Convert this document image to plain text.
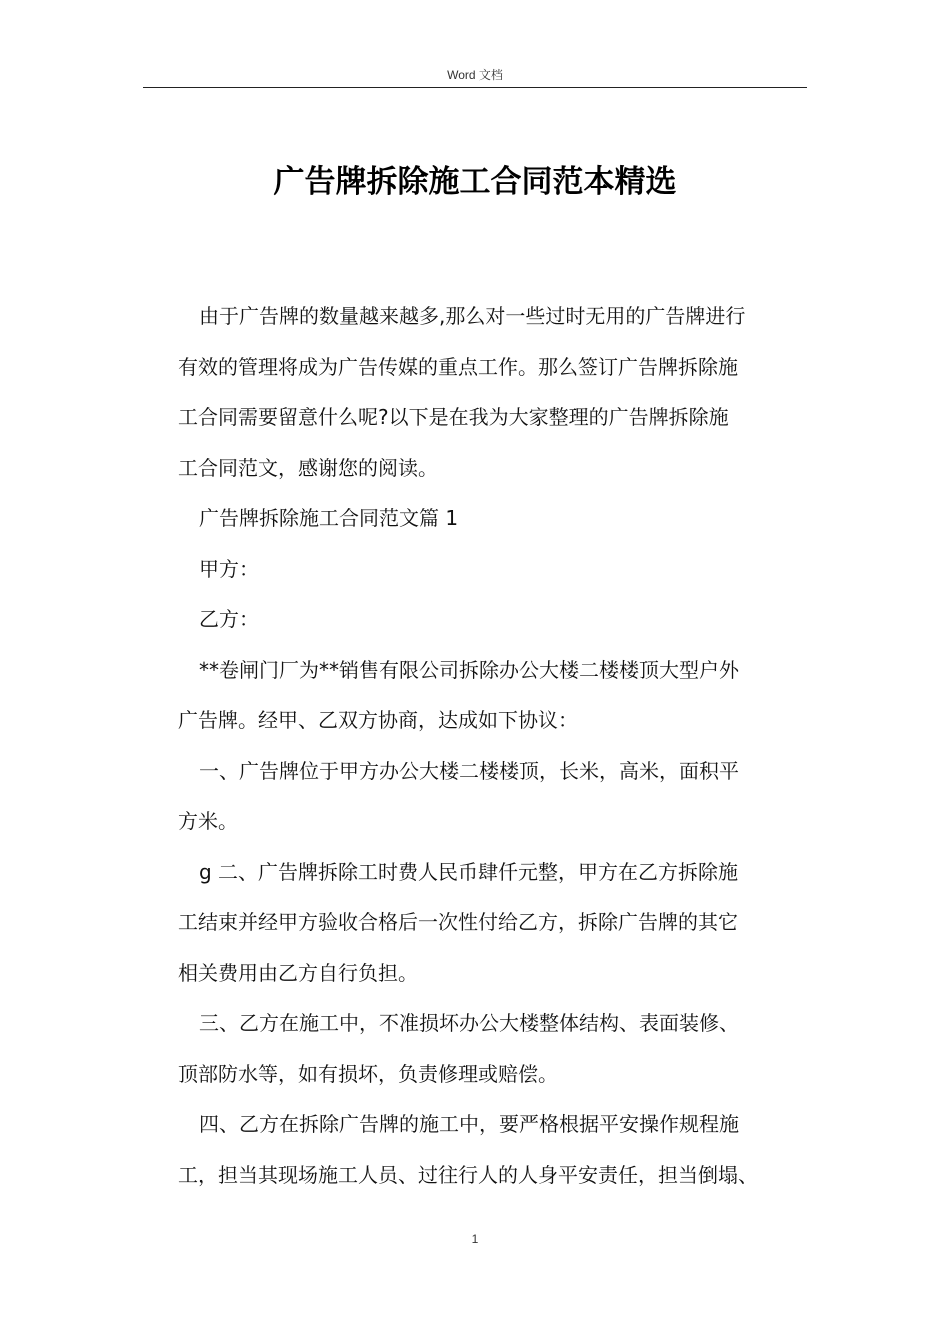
Word 文档
广告牌拆除施工合同范本精选
由于广告牌的数量越来越多,那么对一些过时无用的广告牌进行
有效的管理将成为广告传媒的重点工作。那么签订广告牌拆除施
工合同需要留意什么呢?以下是在我为大家整理的广告牌拆除施
工合同范文，感谢您的阅读。
广告牌拆除施工合同范文篇 1
甲方：
乙方：
**卷闸门厂为**销售有限公司拆除办公大楼二楼楼顶大型户外
广告牌。经甲、乙双方协商，达成如下协议：
一、广告牌位于甲方办公大楼二楼楼顶，长米，高米，面积平
方米。
g 二、广告牌拆除工时费人民币肆仟元整，甲方在乙方拆除施
工结束并经甲方验收合格后一次性付给乙方，拆除广告牌的其它
相关费用由乙方自行负担。
三、乙方在施工中，不准损坏办公大楼整体结构、表面装修、
顶部防水等，如有损坏，负责修理或赔偿。
四、乙方在拆除广告牌的施工中，要严格根据平安操作规程施
工，担当其现场施工人员、过往行人的人身平安责任，担当倒塌、
1
